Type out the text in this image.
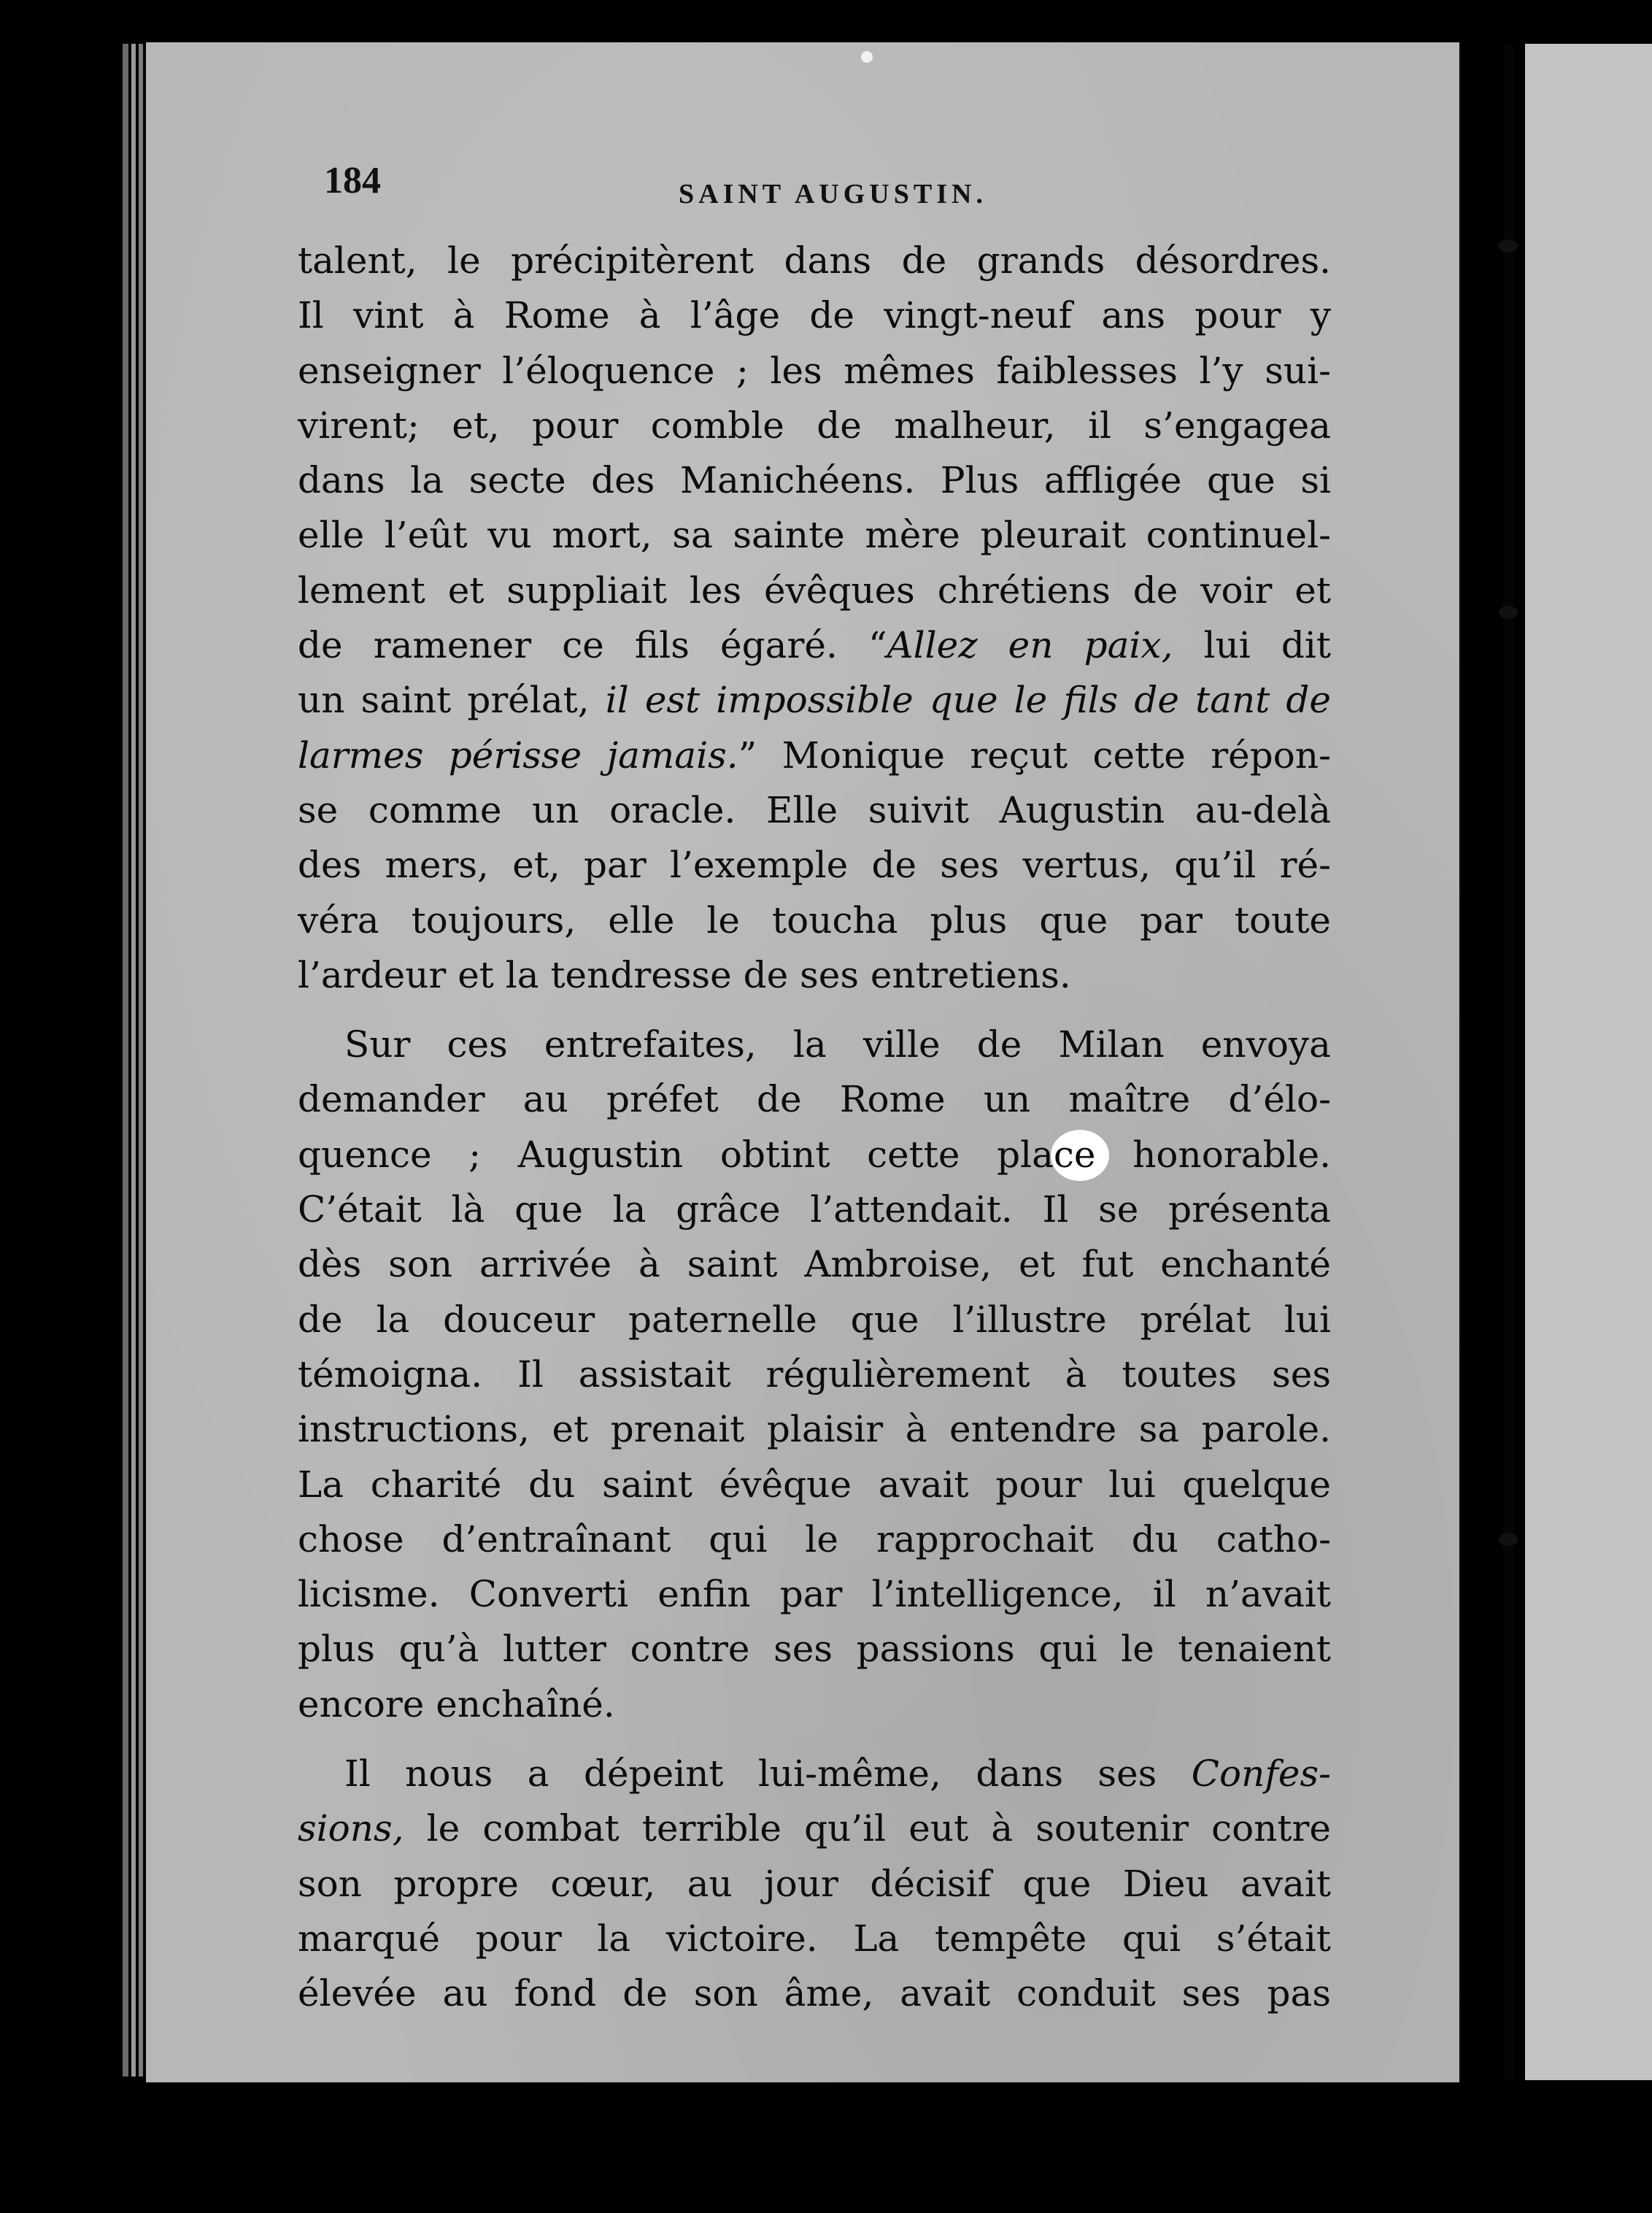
184	SAINT AUGUSTIN.
talent, le précipitèrent dans de grands désordres.
Il vint à Rome à l’âge de vingt-neuf ans pour y
enseigner l’éloquence ; les mêmes faiblesses l’y sui-
virent; et, pour comble de malheur, il s’engagea
dans la secte des Manichéens. Plus affligée que si
elle l’eût vu mort, sa sainte mère pleurait continuel-
lement et suppliait les évêques chrétiens de voir et
de ramener ce fils égaré. “Allez en paix, lui dit
un saint prélat, il est impossible que le fils de tant de
larmes périsse jamais.” Monique reçut cette répon-
se comme un oracle. Elle suivit Augustin au-delà
des mers, et, par l’exemple de ses vertus, qu’il ré-
véra toujours, elle le toucha plus que par toute
l’ardeur et la tendresse de ses entretiens.
Sur ces entrefaites, la ville de Milan envoya
demander au préfet de Rome un maître d’élo-
quence ; Augustin obtint cette place honorable.
C’était là que la grâce l’attendait. Il se présenta
dès son arrivée à saint Ambroise, et fut enchanté
de la douceur paternelle que l’illustre prélat lui
témoigna. Il assistait régulièrement à toutes ses
instructions, et prenait plaisir à entendre sa parole.
La charité du saint évêque avait pour lui quelque
chose d’entraînant qui le rapprochait du catho-
licisme. Converti enfin par l’intelligence, il n’avait
plus qu’à lutter contre ses passions qui le tenaient
encore enchaîné.
Il nous a dépeint lui-même, dans ses Confes-
sions, le combat terrible qu’il eut à soutenir contre
son propre cœur, au jour décisif que Dieu avait
marqué pour la victoire. La tempête qui s’était
élevée au fond de son âme, avait conduit ses pas
